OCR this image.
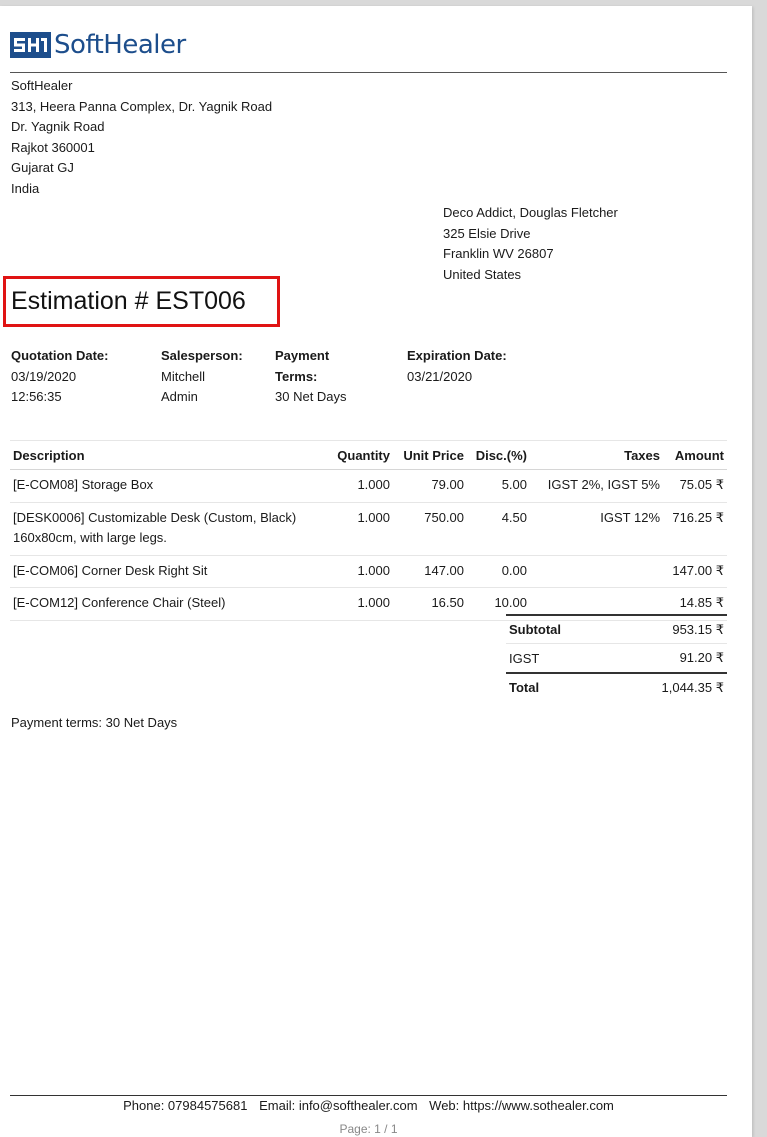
SoftHealer
SoftHealer
313, Heera Panna Complex, Dr. Yagnik Road
Dr. Yagnik Road
Rajkot 360001
Gujarat GJ
India
Deco Addict, Douglas Fletcher
325 Elsie Drive
Franklin WV 26807
United States
Estimation # EST006
Quotation Date:
03/19/2020
12:56:35
Salesperson:
Mitchell
Admin
Payment
Terms:
30 Net Days
Expiration Date:
03/21/2020
Description	Quantity	Unit Price	Disc.(%)	Taxes	Amount
[E-COM08] Storage Box	1.000	79.00	5.00	IGST 2%, IGST 5%	75.05 ₹

[DESK0006] Customizable Desk (Custom, Black)
160x80cm, with large legs.	1.000	750.00	4.50	IGST 12%	716.25 ₹
[E-COM06] Corner Desk Right Sit	1.000	147.00	0.00		147.00 ₹
[E-COM12] Conference Chair (Steel)	1.000	16.50	10.00		14.85 ₹
Subtotal	953.15 ₹
IGST	91.20 ₹
Total	1,044.35 ₹
Payment terms: 30 Net Days
Phone: 07984575681 Email: info@softhealer.com Web: https://www.sothealer.com
Page: 1 / 1
